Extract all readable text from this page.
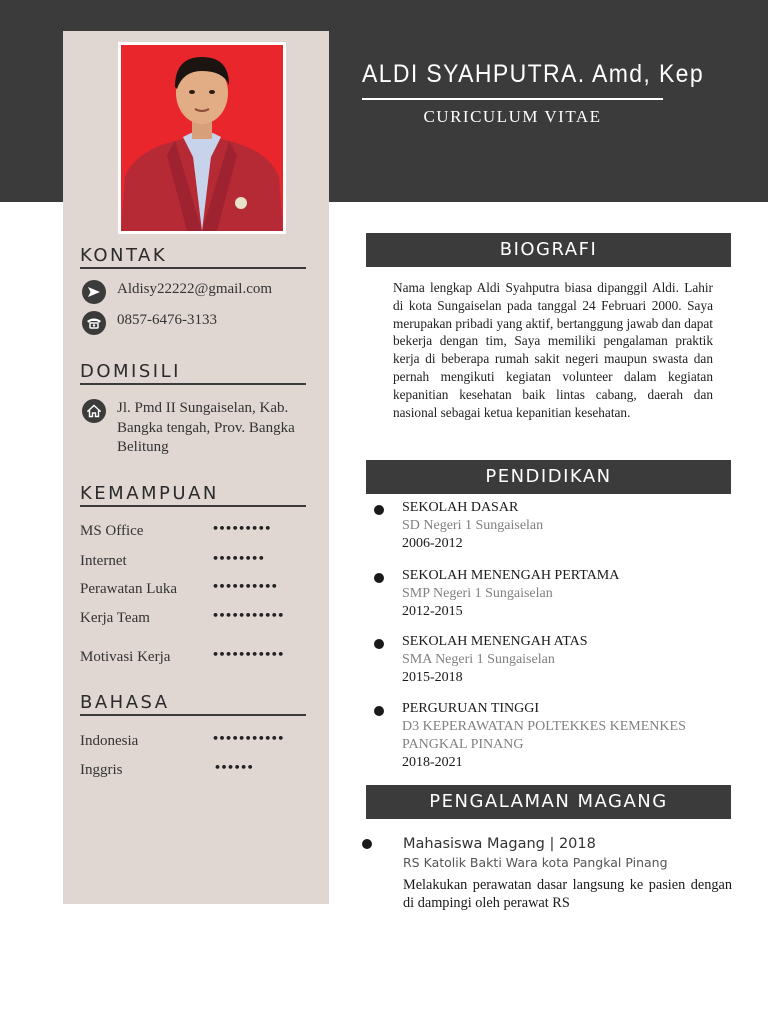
ALDI SYAHPUTRA. Amd, Kep
CURICULUM VITAE
KONTAK
Aldisy22222@gmail.com
0857-6476-3133
DOMISILI
Jl. Pmd II Sungaiselan, Kab.
Bangka tengah, Prov. Bangka
Belitung
KEMAMPUAN
MS Office	•••••••••
Internet	••••••••
Perawatan Luka	••••••••••
Kerja Team	•••••••••••
Motivasi Kerja	•••••••••••
BAHASA
Indonesia	•••••••••••
Inggris	••••••
BIOGRAFI
Nama lengkap Aldi Syahputra biasa dipanggil Aldi. Lahir di kota Sungaiselan pada tanggal 24 Februari 2000. Saya merupakan pribadi yang aktif, bertanggung jawab dan dapat bekerja dengan tim, Saya memiliki pengalaman praktik kerja di beberapa rumah sakit negeri maupun swasta dan pernah mengikuti kegiatan volunteer dalam kegiatan kepanitian kesehatan baik lintas cabang, daerah dan nasional sebagai ketua kepanitian kesehatan.
PENDIDIKAN
SEKOLAH DASAR
SD Negeri 1 Sungaiselan
2006-2012
SEKOLAH MENENGAH PERTAMA
SMP Negeri 1 Sungaiselan
2012-2015
SEKOLAH MENENGAH ATAS
SMA Negeri 1 Sungaiselan
2015-2018
PERGURUAN TINGGI
D3 KEPERAWATAN POLTEKKES KEMENKES
PANGKAL PINANG
2018-2021
PENGALAMAN MAGANG
Mahasiswa Magang | 2018
RS Katolik Bakti Wara kota Pangkal Pinang
Melakukan perawatan dasar langsung ke pasien dengan di dampingi oleh perawat RS
